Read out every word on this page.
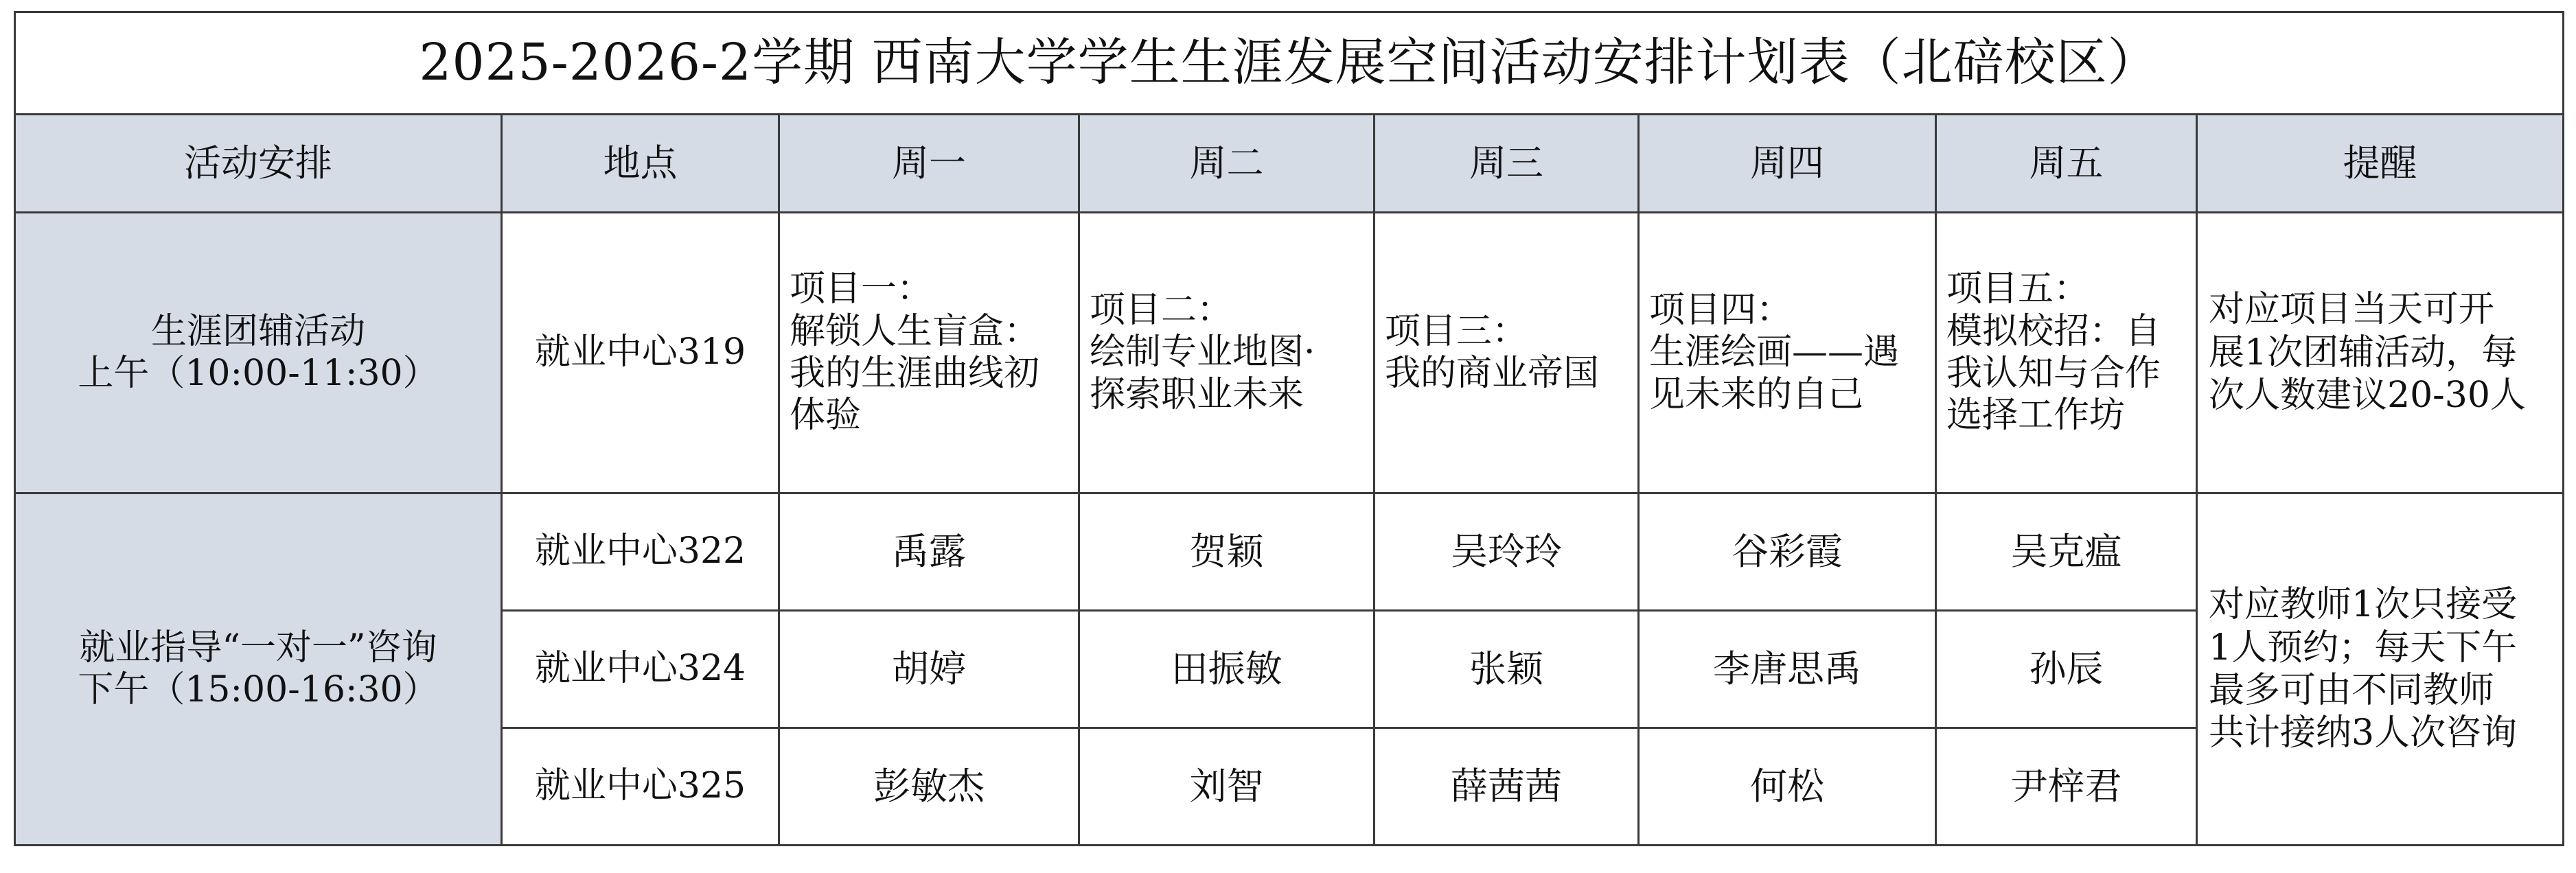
2025-2026-2学期 西南大学学生生涯发展空间活动安排计划表（北碚校区）							
活动安排	地点	周一	周二	周三	周四	周五	提醒

生涯团辅活动
上午（10:00-11:30）	就业中心319	项目一：
解锁人生盲盒：
我的生涯曲线初
体验	项目二：
绘制专业地图·
探索职业未来	项目三：
我的商业帝国	项目四：
生涯绘画——遇
见未来的自己	项目五：
模拟校招：自
我认知与合作
选择工作坊	对应项目当天可开
展1次团辅活动，每
次人数建议20-30人

就业指导“一对一”咨询
下午（15:00-16:30）	就业中心322	禹露	贺颖	吴玲玲	谷彩霞	吴克瘟	对应教师1次只接受
1人预约；每天下午
最多可由不同教师
共计接纳3人次咨询

	就业中心324	胡婷	田振敏	张颖	李唐思禹	孙辰	
	就业中心325	彭敏杰	刘智	薛茜茜	何松	尹梓君	
